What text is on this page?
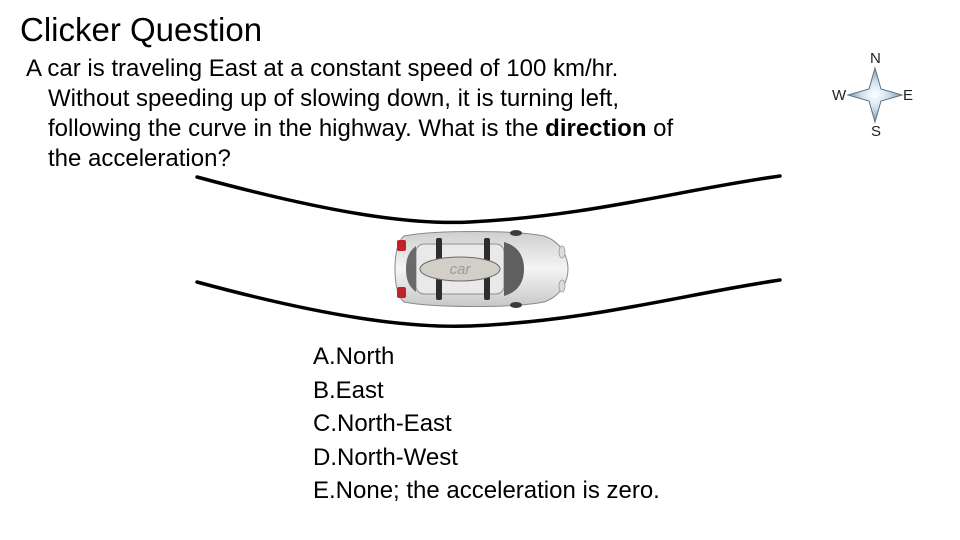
Clicker Question
A car is traveling East at a constant speed of 100 km/hr.
Without speeding up of slowing down, it is turning left,
following the curve in the highway. What is the direction of
the acceleration?
car
A.North
B.East
C.North-East
D.North-West
E.None; the acceleration is zero.
N
S
W	E
